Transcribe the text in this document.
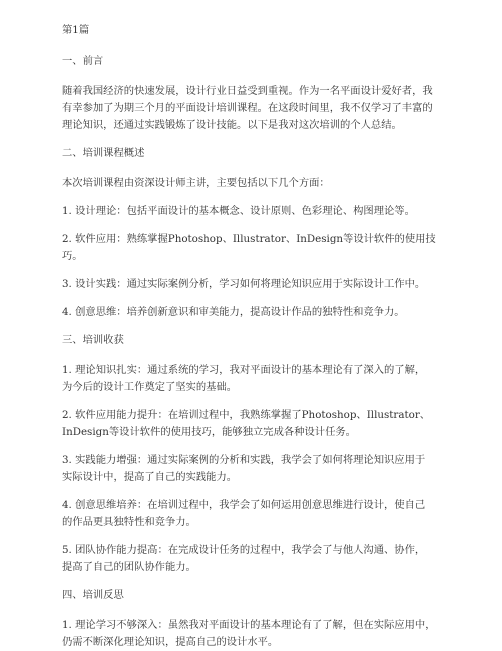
第1篇

一、前言

随着我国经济的快速发展，设计行业日益受到重视。作为一名平面设计爱好者，我
有幸参加了为期三个月的平面设计培训课程。在这段时间里，我不仅学习了丰富的
理论知识，还通过实践锻炼了设计技能。以下是我对这次培训的个人总结。

二、培训课程概述

本次培训课程由资深设计师主讲，主要包括以下几个方面：

1. 设计理论：包括平面设计的基本概念、设计原则、色彩理论、构图理论等。

2. 软件应用：熟练掌握Photoshop、Illustrator、InDesign等设计软件的使用技
巧。

3. 设计实践：通过实际案例分析，学习如何将理论知识应用于实际设计工作中。

4. 创意思维：培养创新意识和审美能力，提高设计作品的独特性和竞争力。

三、培训收获

1. 理论知识扎实：通过系统的学习，我对平面设计的基本理论有了深入的了解，
为今后的设计工作奠定了坚实的基础。

2. 软件应用能力提升：在培训过程中，我熟练掌握了Photoshop、Illustrator、
InDesign等设计软件的使用技巧，能够独立完成各种设计任务。

3. 实践能力增强：通过实际案例的分析和实践，我学会了如何将理论知识应用于
实际设计中，提高了自己的实践能力。

4. 创意思维培养：在培训过程中，我学会了如何运用创意思维进行设计，使自己
的作品更具独特性和竞争力。

5. 团队协作能力提高：在完成设计任务的过程中，我学会了与他人沟通、协作，
提高了自己的团队协作能力。

四、培训反思

1. 理论学习不够深入：虽然我对平面设计的基本理论有了了解，但在实际应用中，
仍需不断深化理论知识，提高自己的设计水平。
